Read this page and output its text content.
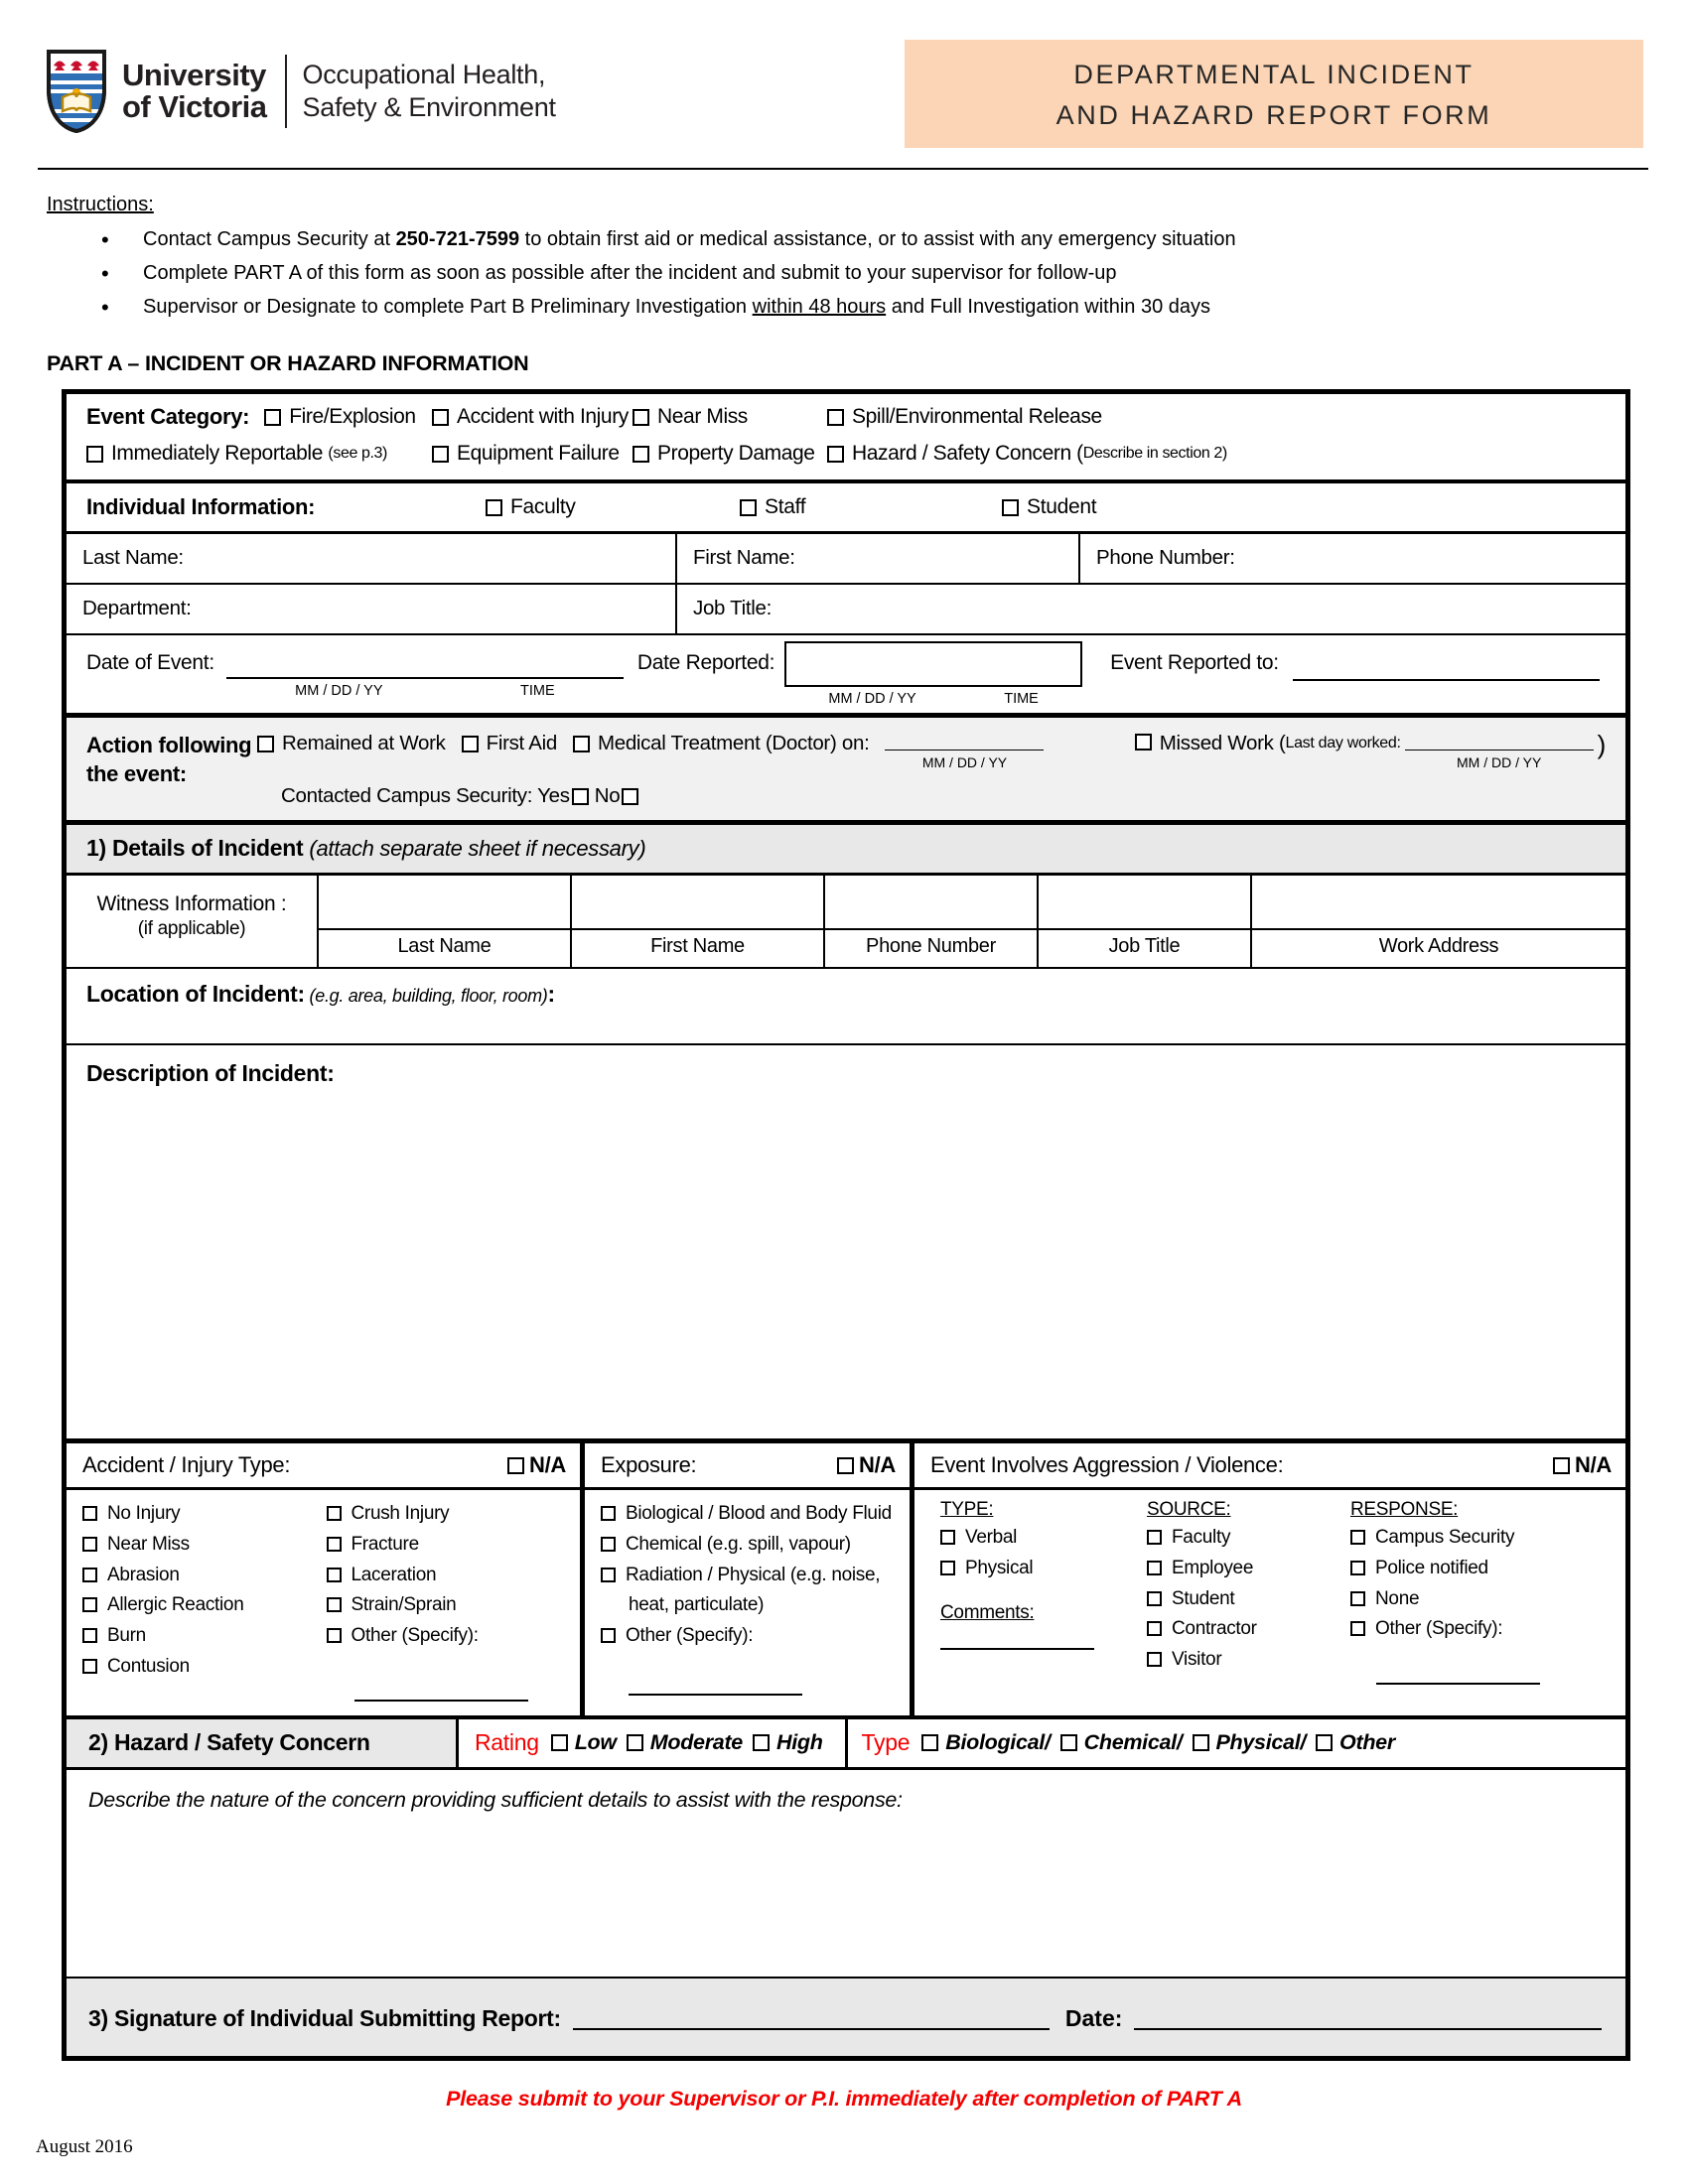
University
of Victoria
Occupational Health,
Safety & Environment
DEPARTMENTAL INCIDENT
AND HAZARD REPORT FORM
Instructions:
• Contact Campus Security at 250-721-7599 to obtain first aid or medical assistance, or to assist with any emergency situation
• Complete PART A of this form as soon as possible after the incident and submit to your supervisor for follow-up
• Supervisor or Designate to complete Part B Preliminary Investigation within 48 hours and Full Investigation within 30 days
PART A – INCIDENT OR HAZARD INFORMATION
Event Category: Fire/Explosion Accident with Injury Near Miss	Spill/Environmental Release
Immediately Reportable
(see p.3)	Equipment Failure Property Damage Hazard / Safety Concern ( Describe in section 2)
Individual Information:	Faculty	Staff	Student
Last Name:	First Name:	Phone Number:
Department:	Job Title:
Date of Event:
MM / DD / YY	TIME
Date Reported:
MM / DD / YY	TIME
Event Reported to:
Action following
the event:
Remained at Work First Aid Medical Treatment (Doctor) on:
MM / DD / YY
Missed Work ( Last day worked:
MM / DD / YY
)
Contacted Campus Security: Yes No
1) Details of Incident (attach separate sheet if necessary)
Witness Information :
(if applicable)
Last Name	First Name	Phone Number	Job Title	Work Address
Location of Incident: (e.g. area, building, floor, room):
Description of Incident:
Accident / Injury Type:	N/A
No Injury
Near Miss
Abrasion
Allergic Reaction
Burn
Contusion
Crush Injury
Fracture
Laceration
Strain/Sprain
Other (Specify):
Exposure:	N/A
Biological / Blood and Body Fluid
Chemical (e.g. spill, vapour)
Radiation / Physical (e.g. noise, heat, particulate)
Other (Specify):
Event Involves Aggression / Violence:	N/A
TYPE:
Verbal
Physical
Comments:
SOURCE:
Faculty
Employee
Student
Contractor
Visitor
RESPONSE:
Campus Security
Police notified
None
Other (Specify):
2) Hazard / Safety Concern	Rating Low Moderate High Type Biological/ Chemical/ Physical/ Other
Describe the nature of the concern providing sufficient details to assist with the response:
3) Signature of Individual Submitting Report:	Date:
Please submit to your Supervisor or P.I. immediately after completion of PART A
August 2016
